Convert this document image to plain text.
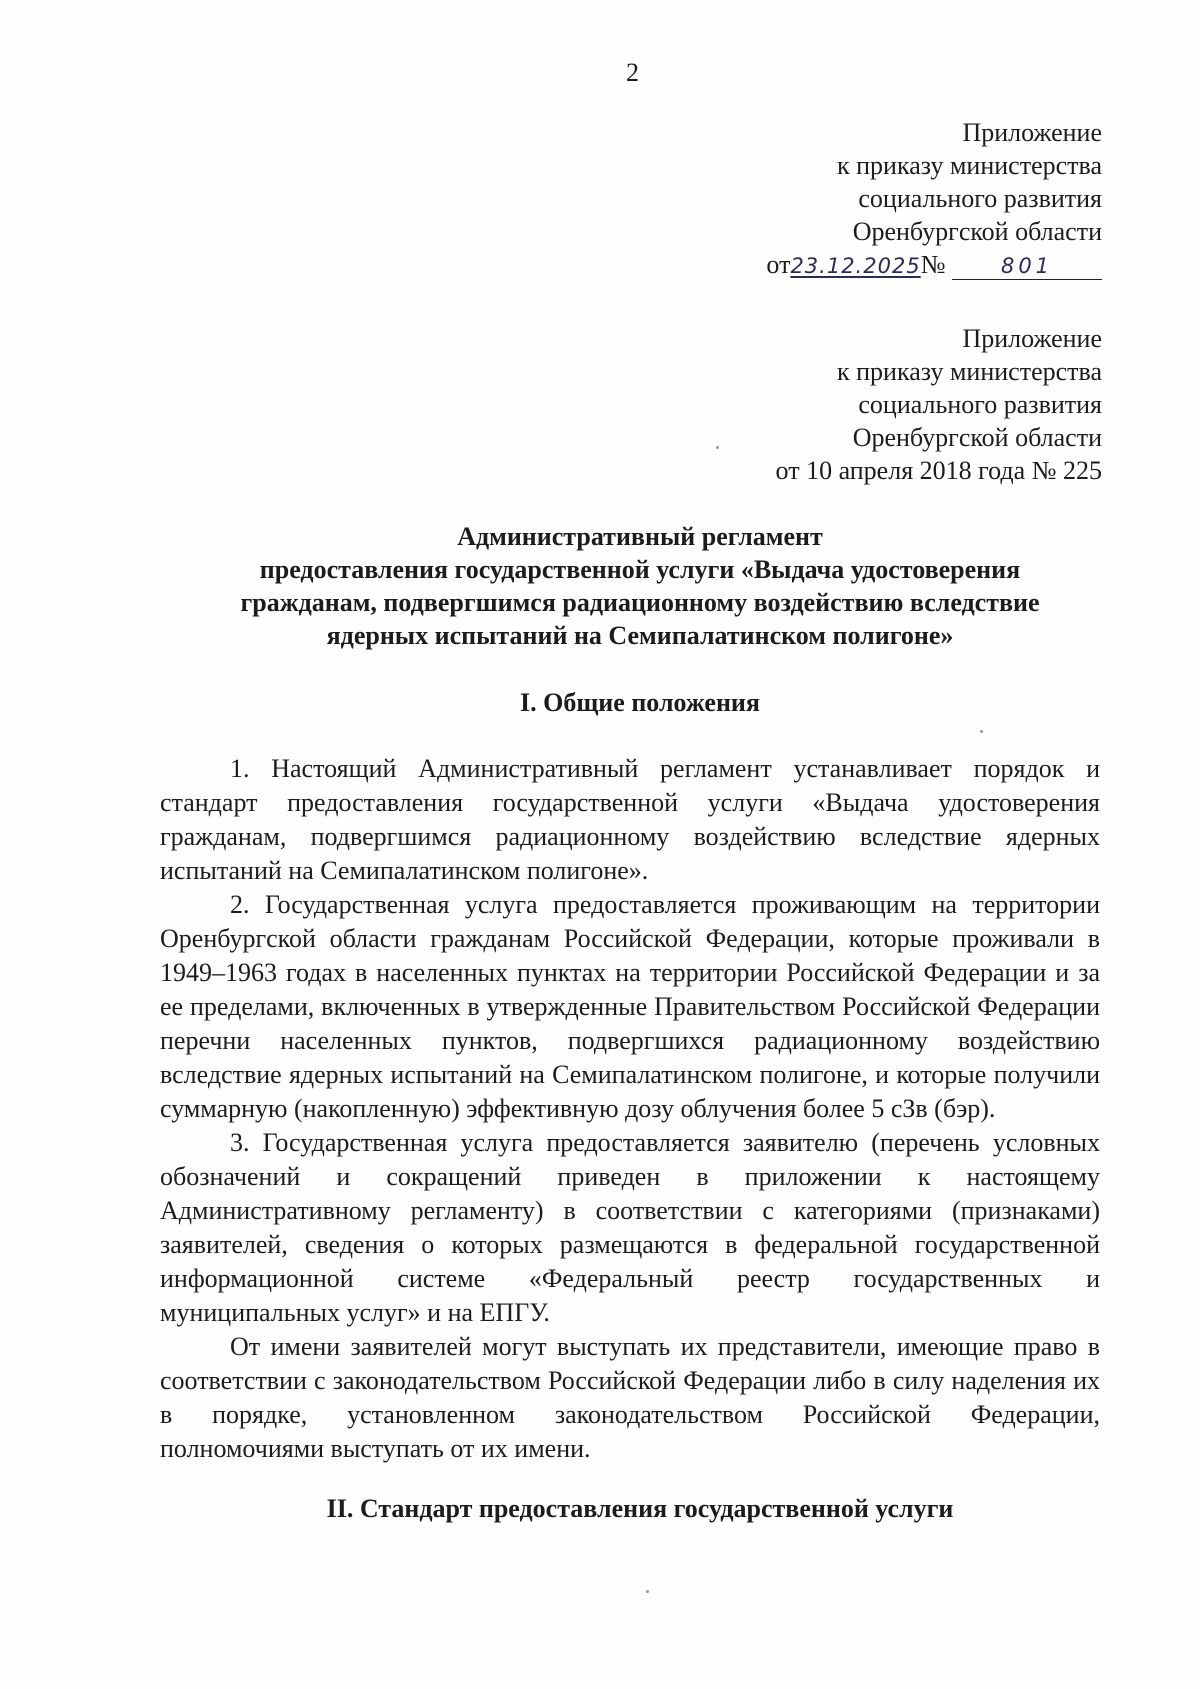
2
Приложение
к приказу министерства
социального развития
Оренбургской области
от23.12.2025№	801
Приложение
к приказу министерства
социального развития
Оренбургской области
от 10 апреля 2018 года № 225
Административный регламент
предоставления государственной услуги «Выдача удостоверения
гражданам, подвергшимся радиационному воздействию вследствие
ядерных испытаний на Семипалатинском полигоне»
I. Общие положения

1. Настоящий Административный регламент устанавливает порядок и стандарт предоставления государственной услуги «Выдача удостоверения гражданам, подвергшимся радиационному воздействию вследствие ядерных испытаний на Семипалатинском полигоне».

2. Государственная услуга предоставляется проживающим на территории Оренбургской области гражданам Российской Федерации, которые проживали в 1949–1963 годах в населенных пунктах на территории Российской Федерации и за ее пределами, включенных в утвержденные Правительством Российской Федерации перечни населенных пунктов, подвергшихся радиационному воздействию вследствие ядерных испытаний на Семипалатинском полигоне, и которые получили суммарную (накопленную) эффективную дозу облучения более 5 сЗв (бэр).

3. Государственная услуга предоставляется заявителю (перечень условных обозначений и сокращений приведен в приложении к настоящему Административному регламенту) в соответствии с категориями (признаками) заявителей, сведения о которых размещаются в федеральной государственной информационной системе «Федеральный реестр государственных и муниципальных услуг» и на ЕПГУ.

От имени заявителей могут выступать их представители, имеющие право в соответствии с законодательством Российской Федерации либо в силу наделения их в порядке, установленном законодательством Российской Федерации, полномочиями выступать от их имени.

II. Стандарт предоставления государственной услуги
